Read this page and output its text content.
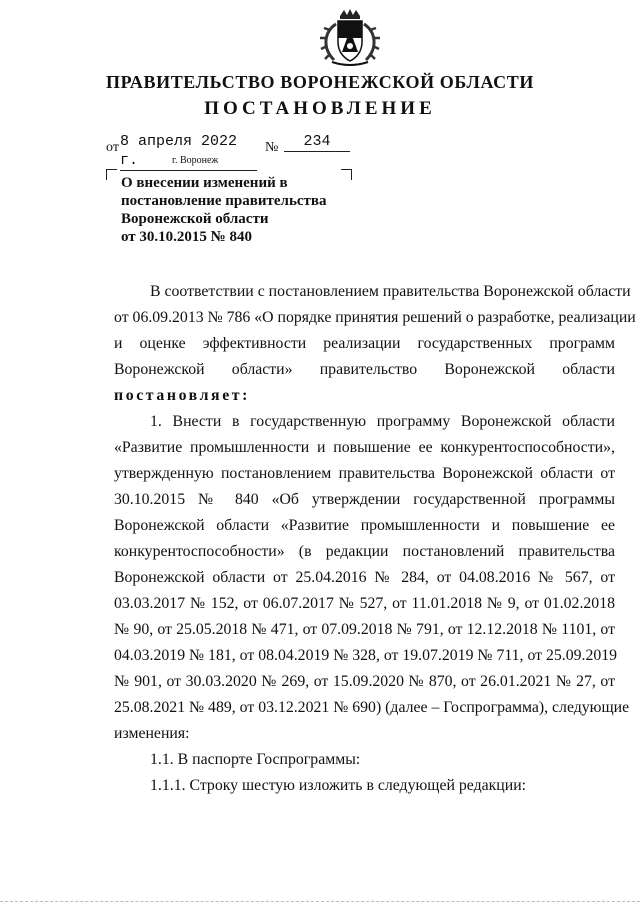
ПРАВИТЕЛЬСТВО ВОРОНЕЖСКОЙ ОБЛАСТИ
ПОСТАНОВЛЕНИЕ
от 8 апреля 2022 г.
№	234
г. Воронеж
О внесении изменений в
постановление правительства
Воронежской области
от 30.10.2015 № 840
В соответствии с постановлением правительства Воронежской области
от 06.09.2013 № 786 «О порядке принятия решений о разработке, реализации
и оценке эффективности реализации государственных программ
Воронежской области» правительство Воронежской области
постановляет:
1. Внести в государственную программу Воронежской области
«Развитие промышленности и повышение ее конкурентоспособности»,
утвержденную постановлением правительства Воронежской области от
30.10.2015 № 840 «Об утверждении государственной программы
Воронежской области «Развитие промышленности и повышение ее
конкурентоспособности» (в редакции постановлений правительства
Воронежской области от 25.04.2016 № 284, от 04.08.2016 № 567, от
03.03.2017 № 152, от 06.07.2017 № 527, от 11.01.2018 № 9, от 01.02.2018
№ 90, от 25.05.2018 № 471, от 07.09.2018 № 791, от 12.12.2018 № 1101, от
04.03.2019 № 181, от 08.04.2019 № 328, от 19.07.2019 № 711, от 25.09.2019
№ 901, от 30.03.2020 № 269, от 15.09.2020 № 870, от 26.01.2021 № 27, от
25.08.2021 № 489, от 03.12.2021 № 690) (далее – Госпрограмма), следующие
изменения:
1.1. В паспорте Госпрограммы:
1.1.1. Строку шестую изложить в следующей редакции:
